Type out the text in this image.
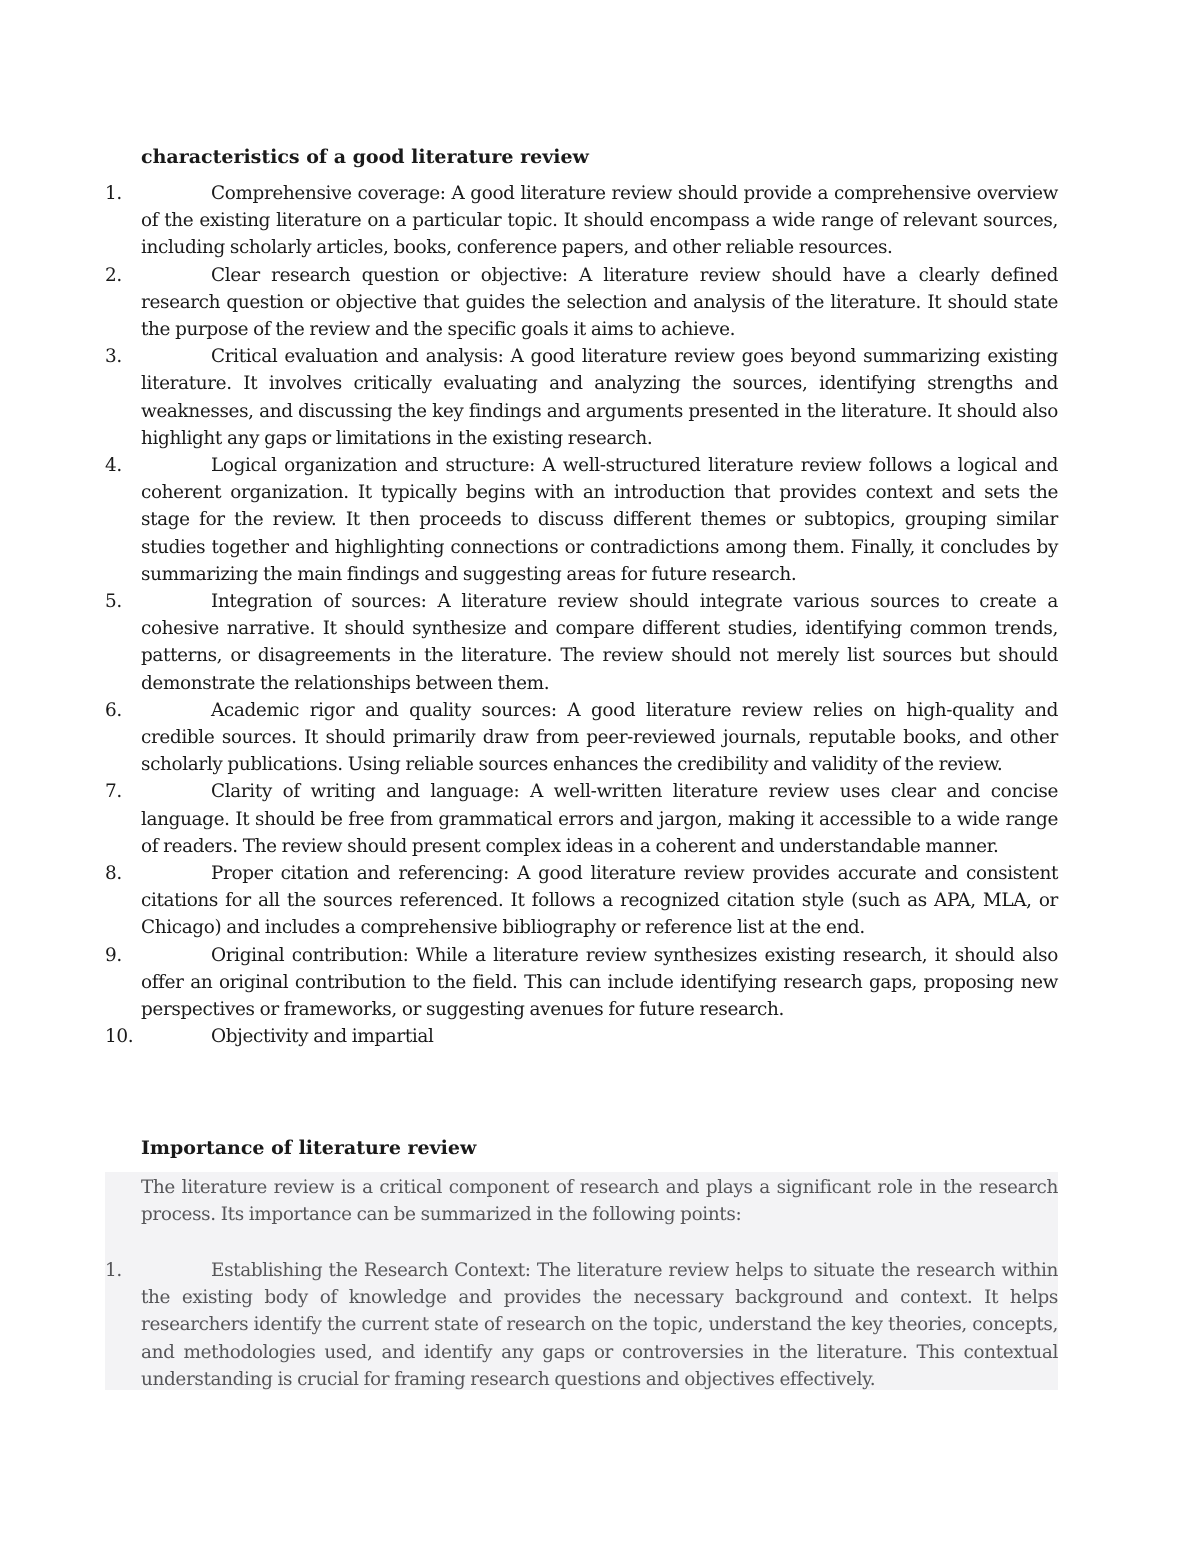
characteristics of a good literature review
1.	Comprehensive coverage: A good literature review should provide a comprehensive overview of the existing literature on a particular topic. It should encompass a wide range of relevant sources, including scholarly articles, books, conference papers, and other reliable resources.
2.	Clear research question or objective: A literature review should have a clearly defined research question or objective that guides the selection and analysis of the literature. It should state the purpose of the review and the specific goals it aims to achieve.
3.	Critical evaluation and analysis: A good literature review goes beyond summarizing existing literature. It involves critically evaluating and analyzing the sources, identifying strengths and weaknesses, and discussing the key findings and arguments presented in the literature. It should also highlight any gaps or limitations in the existing research.
4.	Logical organization and structure: A well-structured literature review follows a logical and coherent organization. It typically begins with an introduction that provides context and sets the stage for the review. It then proceeds to discuss different themes or subtopics, grouping similar studies together and highlighting connections or contradictions among them. Finally, it concludes by summarizing the main findings and suggesting areas for future research.
5.	Integration of sources: A literature review should integrate various sources to create a cohesive narrative. It should synthesize and compare different studies, identifying common trends, patterns, or disagreements in the literature. The review should not merely list sources but should demonstrate the relationships between them.
6.	Academic rigor and quality sources: A good literature review relies on high-quality and credible sources. It should primarily draw from peer-reviewed journals, reputable books, and other scholarly publications. Using reliable sources enhances the credibility and validity of the review.
7.	Clarity of writing and language: A well-written literature review uses clear and concise language. It should be free from grammatical errors and jargon, making it accessible to a wide range of readers. The review should present complex ideas in a coherent and understandable manner.
8.	Proper citation and referencing: A good literature review provides accurate and consistent citations for all the sources referenced. It follows a recognized citation style (such as APA, MLA, or Chicago) and includes a comprehensive bibliography or reference list at the end.
9.	Original contribution: While a literature review synthesizes existing research, it should also offer an original contribution to the field. This can include identifying research gaps, proposing new perspectives or frameworks, or suggesting avenues for future research.
10.	Objectivity and impartial
Importance of literature review

The literature review is a critical component of research and plays a significant role in the research process. Its importance can be summarized in the following points:

1.	Establishing the Research Context: The literature review helps to situate the research within the existing body of knowledge and provides the necessary background and context. It helps researchers identify the current state of research on the topic, understand the key theories, concepts, and methodologies used, and identify any gaps or controversies in the literature. This contextual understanding is crucial for framing research questions and objectives effectively.
